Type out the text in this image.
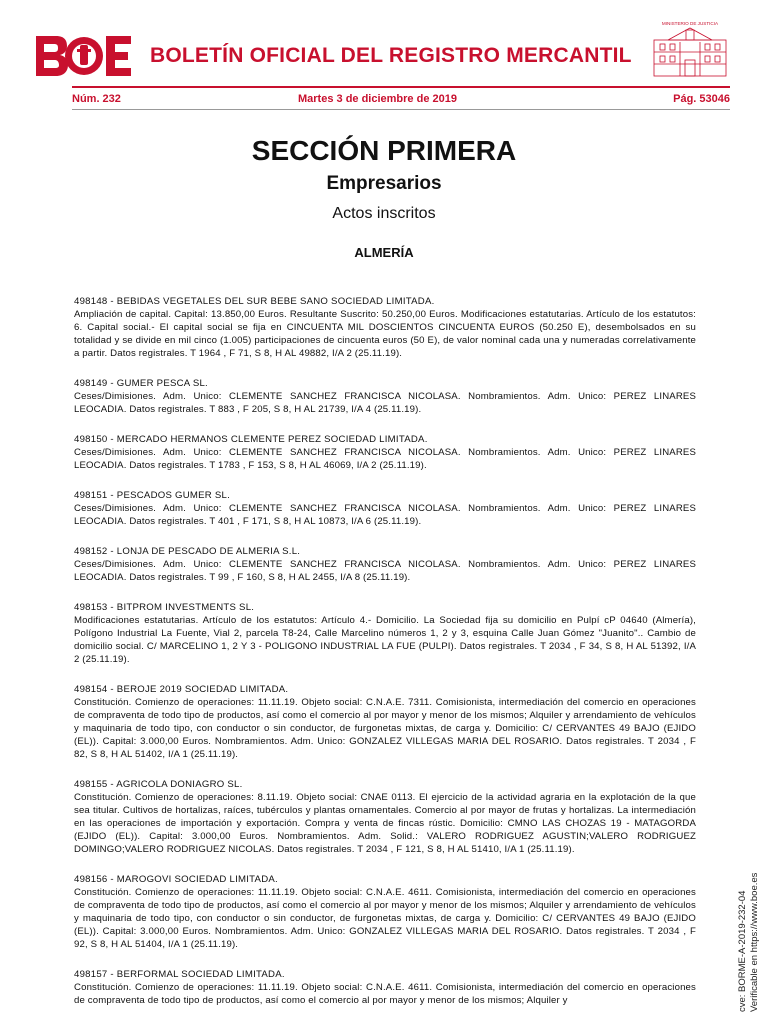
BOLETÍN OFICIAL DEL REGISTRO MERCANTIL
MINISTERIO DE JUSTICIA
Núm. 232	Martes 3 de diciembre de 2019	Pág. 53046
SECCIÓN PRIMERA
Empresarios
Actos inscritos
ALMERÍA
498148 - BEBIDAS VEGETALES DEL SUR BEBE SANO SOCIEDAD LIMITADA.
Ampliación de capital. Capital: 13.850,00 Euros. Resultante Suscrito: 50.250,00 Euros. Modificaciones estatutarias. Artículo de los estatutos: 6. Capital social.- El capital social se fija en CINCUENTA MIL DOSCIENTOS CINCUENTA EUROS (50.250 E), desembolsados en su totalidad y se divide en mil cinco (1.005) participaciones de cincuenta euros (50 E), de valor nominal cada una y numeradas correlativamente a partir. Datos registrales. T 1964 , F 71, S 8, H AL 49882, I/A 2 (25.11.19).
498149 - GUMER PESCA SL.
Ceses/Dimisiones. Adm. Unico: CLEMENTE SANCHEZ FRANCISCA NICOLASA. Nombramientos. Adm. Unico: PEREZ LINARES LEOCADIA. Datos registrales. T 883 , F 205, S 8, H AL 21739, I/A 4 (25.11.19).
498150 - MERCADO HERMANOS CLEMENTE PEREZ SOCIEDAD LIMITADA.
Ceses/Dimisiones. Adm. Unico: CLEMENTE SANCHEZ FRANCISCA NICOLASA. Nombramientos. Adm. Unico: PEREZ LINARES LEOCADIA. Datos registrales. T 1783 , F 153, S 8, H AL 46069, I/A 2 (25.11.19).
498151 - PESCADOS GUMER SL.
Ceses/Dimisiones. Adm. Unico: CLEMENTE SANCHEZ FRANCISCA NICOLASA. Nombramientos. Adm. Unico: PEREZ LINARES LEOCADIA. Datos registrales. T 401 , F 171, S 8, H AL 10873, I/A 6 (25.11.19).
498152 - LONJA DE PESCADO DE ALMERIA S.L.
Ceses/Dimisiones. Adm. Unico: CLEMENTE SANCHEZ FRANCISCA NICOLASA. Nombramientos. Adm. Unico: PEREZ LINARES LEOCADIA. Datos registrales. T 99 , F 160, S 8, H AL 2455, I/A 8 (25.11.19).
498153 - BITPROM INVESTMENTS SL.
Modificaciones estatutarias. Artículo de los estatutos: Artículo 4.- Domicilio. La Sociedad fija su domicilio en Pulpí cP 04640 (Almería), Polígono Industrial La Fuente, Vial 2, parcela T8-24, Calle Marcelino números 1, 2 y 3, esquina Calle Juan Gómez "Juanito".. Cambio de domicilio social. C/ MARCELINO 1, 2 Y 3 - POLIGONO INDUSTRIAL LA FUE (PULPI). Datos registrales. T 2034 , F 34, S 8, H AL 51392, I/A 2 (25.11.19).
498154 - BEROJE 2019 SOCIEDAD LIMITADA.
Constitución. Comienzo de operaciones: 11.11.19. Objeto social: C.N.A.E. 7311. Comisionista, intermediación del comercio en operaciones de compraventa de todo tipo de productos, así como el comercio al por mayor y menor de los mismos; Alquiler y arrendamiento de vehículos y maquinaria de todo tipo, con conductor o sin conductor, de furgonetas mixtas, de carga y. Domicilio: C/ CERVANTES 49 BAJO (EJIDO (EL)). Capital: 3.000,00 Euros. Nombramientos. Adm. Unico: GONZALEZ VILLEGAS MARIA DEL ROSARIO. Datos registrales. T 2034 , F 82, S 8, H AL 51402, I/A 1 (25.11.19).
498155 - AGRICOLA DONIAGRO SL.
Constitución. Comienzo de operaciones: 8.11.19. Objeto social: CNAE 0113. El ejercicio de la actividad agraria en la explotación de la que sea titular. Cultivos de hortalizas, raíces, tubérculos y plantas ornamentales. Comercio al por mayor de frutas y hortalizas. La intermediación en las operaciones de importación y exportación. Compra y venta de fincas rústic. Domicilio: CMNO LAS CHOZAS 19 - MATAGORDA (EJIDO (EL)). Capital: 3.000,00 Euros. Nombramientos. Adm. Solid.: VALERO RODRIGUEZ AGUSTIN;VALERO RODRIGUEZ DOMINGO;VALERO RODRIGUEZ NICOLAS. Datos registrales. T 2034 , F 121, S 8, H AL 51410, I/A 1 (25.11.19).
498156 - MAROGOVI SOCIEDAD LIMITADA.
Constitución. Comienzo de operaciones: 11.11.19. Objeto social: C.N.A.E. 4611. Comisionista, intermediación del comercio en operaciones de compraventa de todo tipo de productos, así como el comercio al por mayor y menor de los mismos; Alquiler y arrendamiento de vehículos y maquinaria de todo tipo, con conductor o sin conductor, de furgonetas mixtas, de carga y. Domicilio: C/ CERVANTES 49 BAJO (EJIDO (EL)). Capital: 3.000,00 Euros. Nombramientos. Adm. Unico: GONZALEZ VILLEGAS MARIA DEL ROSARIO. Datos registrales. T 2034 , F 92, S 8, H AL 51404, I/A 1 (25.11.19).
498157 - BERFORMAL SOCIEDAD LIMITADA.
Constitución. Comienzo de operaciones: 11.11.19. Objeto social: C.N.A.E. 4611. Comisionista, intermediación del comercio en operaciones de compraventa de todo tipo de productos, así como el comercio al por mayor y menor de los mismos; Alquiler y	cve: BORME-A-2019-232-04 Verificable en https://www.boe.es
